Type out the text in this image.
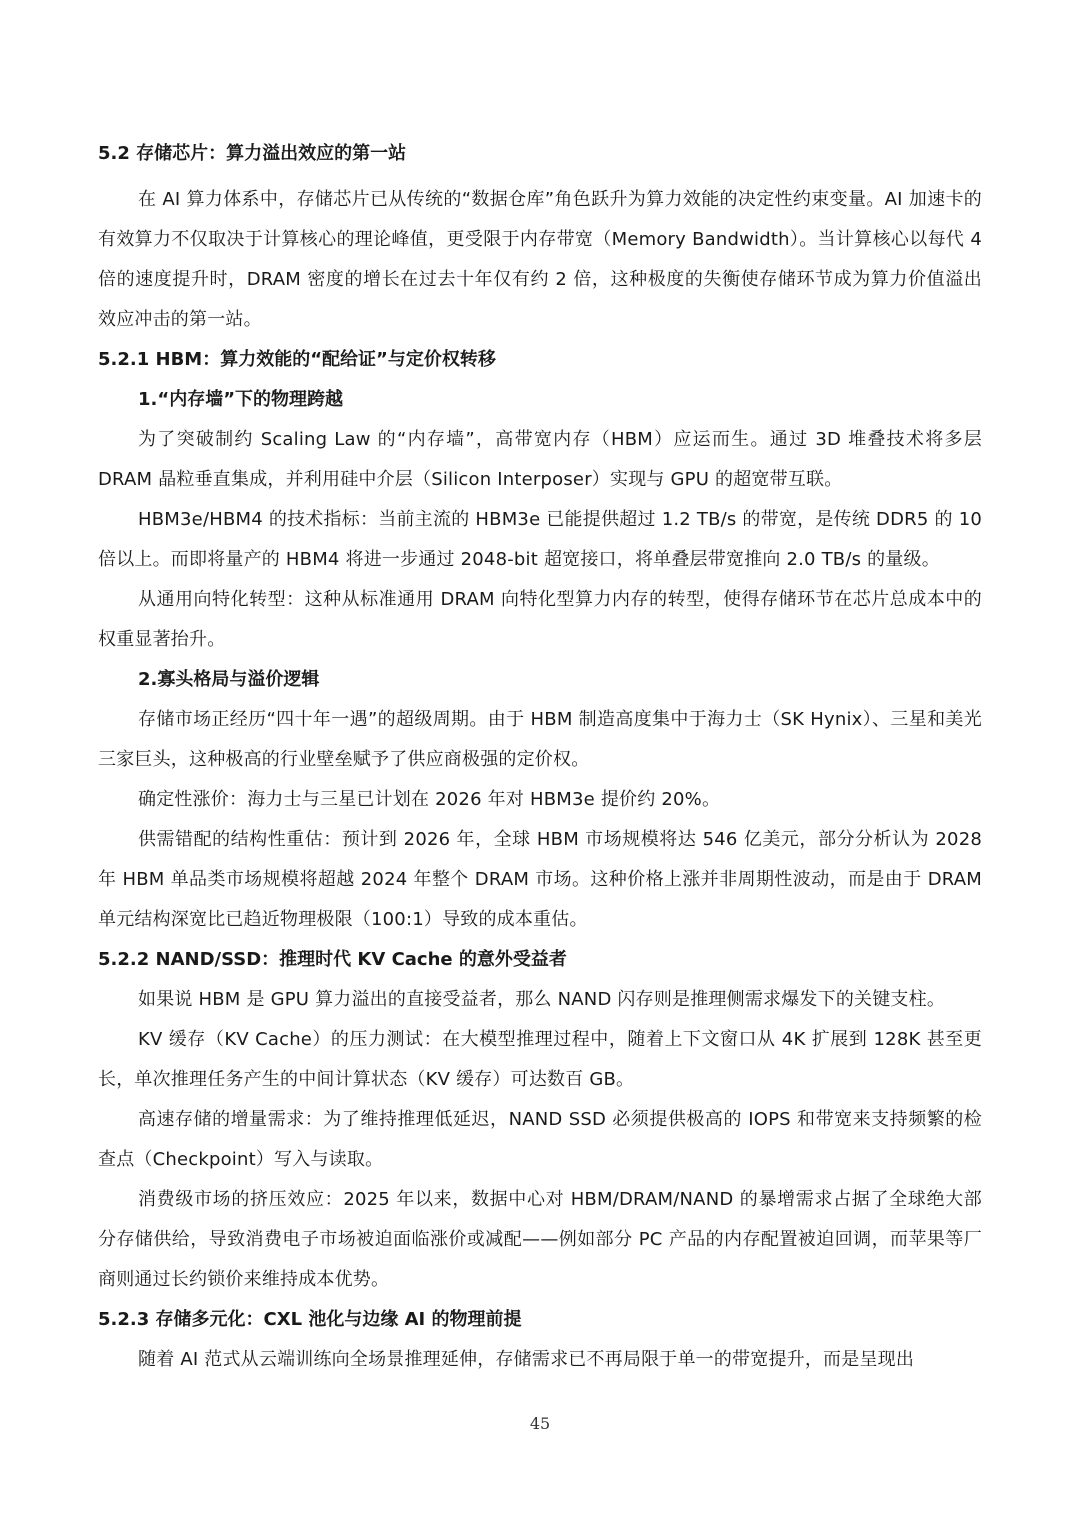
5.2 存储芯片：算力溢出效应的第一站

在 AI 算力体系中，存储芯片已从传统的“数据仓库”角色跃升为算力效能的决定性约束变量。AI 加速卡的有效算力不仅取决于计算核心的理论峰值，更受限于内存带宽（Memory Bandwidth）。当计算核心以每代 4 倍的速度提升时，DRAM 密度的增长在过去十年仅有约 2 倍，这种极度的失衡使存储环节成为算力价值溢出效应冲击的第一站。

5.2.1 HBM：算力效能的“配给证”与定价权转移

1.“内存墙”下的物理跨越

为了突破制约 Scaling Law 的“内存墙”，高带宽内存（HBM）应运而生。通过 3D 堆叠技术将多层 DRAM 晶粒垂直集成，并利用硅中介层（Silicon Interposer）实现与 GPU 的超宽带互联。

HBM3e/HBM4 的技术指标：当前主流的 HBM3e 已能提供超过 1.2 TB/s 的带宽，是传统 DDR5 的 10 倍以上。而即将量产的 HBM4 将进一步通过 2048-bit 超宽接口，将单叠层带宽推向 2.0 TB/s 的量级。

从通用向特化转型：这种从标准通用 DRAM 向特化型算力内存的转型，使得存储环节在芯片总成本中的权重显著抬升。

2.寡头格局与溢价逻辑

存储市场正经历“四十年一遇”的超级周期。由于 HBM 制造高度集中于海力士（SK Hynix）、三星和美光三家巨头，这种极高的行业壁垒赋予了供应商极强的定价权。

确定性涨价：海力士与三星已计划在 2026 年对 HBM3e 提价约 20%。

供需错配的结构性重估：预计到 2026 年，全球 HBM 市场规模将达 546 亿美元，部分分析认为 2028 年 HBM 单品类市场规模将超越 2024 年整个 DRAM 市场。这种价格上涨并非周期性波动，而是由于 DRAM 单元结构深宽比已趋近物理极限（100:1）导致的成本重估。

5.2.2 NAND/SSD：推理时代 KV Cache 的意外受益者

如果说 HBM 是 GPU 算力溢出的直接受益者，那么 NAND 闪存则是推理侧需求爆发下的关键支柱。

KV 缓存（KV Cache）的压力测试：在大模型推理过程中，随着上下文窗口从 4K 扩展到 128K 甚至更长，单次推理任务产生的中间计算状态（KV 缓存）可达数百 GB。

高速存储的增量需求：为了维持推理低延迟，NAND SSD 必须提供极高的 IOPS 和带宽来支持频繁的检查点（Checkpoint）写入与读取。

消费级市场的挤压效应：2025 年以来，数据中心对 HBM/DRAM/NAND 的暴增需求占据了全球绝大部分存储供给，导致消费电子市场被迫面临涨价或减配——例如部分 PC 产品的内存配置被迫回调，而苹果等厂商则通过长约锁价来维持成本优势。

5.2.3 存储多元化：CXL 池化与边缘 AI 的物理前提

随着 AI 范式从云端训练向全场景推理延伸，存储需求已不再局限于单一的带宽提升，而是呈现出

45
